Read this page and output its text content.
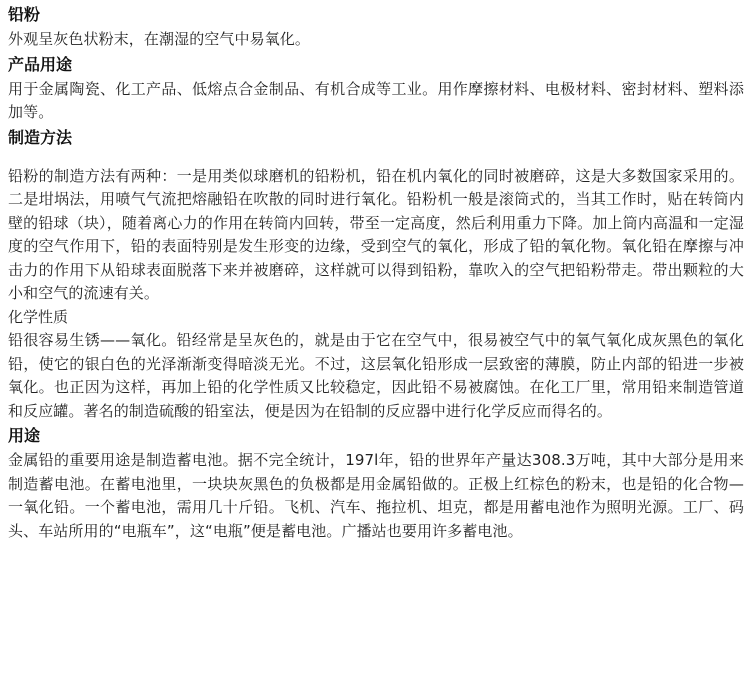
铅粉
外观呈灰色状粉末，在潮湿的空气中易氧化。
产品用途
用于金属陶瓷、化工产品、低熔点合金制品、有机合成等工业。用作摩擦材料、电极材料、密封材料、塑料添加等。
制造方法
铅粉的制造方法有两种：一是用类似球磨机的铅粉机，铅在机内氧化的同时被磨碎，这是大多数国家采用的。二是坩埚法，用喷气气流把熔融铅在吹散的同时进行氧化。铅粉机一般是滚筒式的，当其工作时，贴在转筒内壁的铅球（块），随着离心力的作用在转筒内回转，带至一定高度，然后利用重力下降。加上筒内高温和一定湿度的空气作用下，铅的表面特别是发生形变的边缘，受到空气的氧化，形成了铅的氧化物。氧化铅在摩擦与冲击力的作用下从铅球表面脱落下来并被磨碎，这样就可以得到铅粉，靠吹入的空气把铅粉带走。带出颗粒的大小和空气的流速有关。
化学性质
铅很容易生锈——氧化。铅经常是呈灰色的，就是由于它在空气中，很易被空气中的氧气氧化成灰黑色的氧化铅，使它的银白色的光泽渐渐变得暗淡无光。不过，这层氧化铅形成一层致密的薄膜，防止内部的铅进一步被氧化。也正因为这样，再加上铅的化学性质又比较稳定，因此铅不易被腐蚀。在化工厂里，常用铅来制造管道和反应罐。著名的制造硫酸的铅室法，便是因为在铅制的反应器中进行化学反应而得名的。
用途
金属铅的重要用途是制造蓄电池。据不完全统计，197l年，铅的世界年产量达308.3万吨，其中大部分是用来制造蓄电池。在蓄电池里，一块块灰黑色的负极都是用金属铅做的。正极上红棕色的粉末，也是铅的化合物—一氧化铅。一个蓄电池，需用几十斤铅。飞机、汽车、拖拉机、坦克，都是用蓄电池作为照明光源。工厂、码头、车站所用的“电瓶车”，这“电瓶”便是蓄电池。广播站也要用许多蓄电池。
